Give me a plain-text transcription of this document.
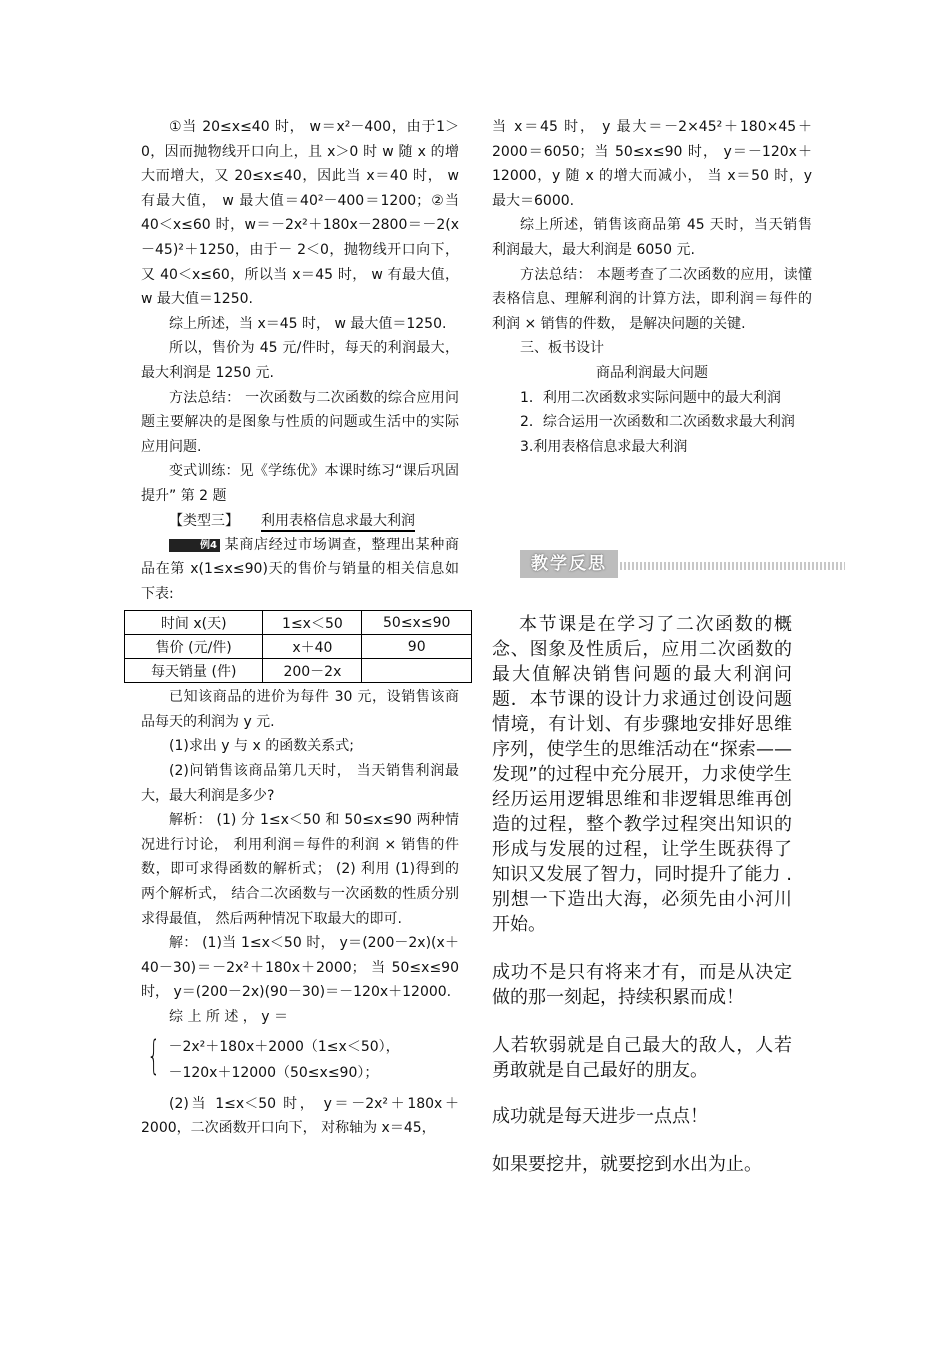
①当 20≤x≤40 时， w＝x²－400，由于1＞0，因而抛物线开口向上，且 x＞0 时 w 随 x 的增大而增大，又 20≤x≤40，因此当 x＝40 时， w 有最大值， w 最大值＝40²－400＝1200；②当 40＜x≤60 时，w＝－2x²＋180x－2800＝－2(x－45)²＋1250，由于－ 2＜0，抛物线开口向下，又 40＜x≤60，所以当 x＝45 时， w 有最大值， w 最大值＝1250.

综上所述，当 x＝45 时， w 最大值＝1250.

所以，售价为 45 元/件时，每天的利润最大，最大利润是 1250 元.

方法总结： 一次函数与二次函数的综合应用问题主要解决的是图象与性质的问题或生活中的实际应用问题.

变式训练：见《学练优》本课时练习“课后巩固提升” 第 2 题

【类型三】 利用表格信息求最大利润

例4 某商店经过市场调查，整理出某种商品在第 x(1≤x≤90)天的售价与销量的相关信息如下表:

时间 x(天)	1≤x＜50	50≤x≤90
售价 (元/件)	x＋40	90
每天销量 (件)	200－2x	

已知该商品的进价为每件 30 元，设销售该商品每天的利润为 y 元.

(1)求出 y 与 x 的函数关系式;

(2)问销售该商品第几天时， 当天销售利润最大，最大利润是多少?

解析： (1) 分 1≤x＜50 和 50≤x≤90 两种情况进行讨论， 利用利润＝每件的利润 × 销售的件数，即可求得函数的解析式； (2) 利用 (1)得到的两个解析式， 结合二次函数与一次函数的性质分别求得最值， 然后两种情况下取最大的即可.

解： (1)当 1≤x＜50 时， y＝(200－2x)(x＋40－30)＝－2x²＋180x＋2000； 当 50≤x≤90 时， y＝(200－2x)(90－30)＝－120x＋12000.

综 上 所 述 ， y ＝

{ －2x²＋180x＋2000（1≤x＜50），

－120x＋12000（50≤x≤90）；

(2)当 1≤x＜50 时， y＝－2x²＋180x＋2000，二次函数开口向下， 对称轴为 x＝45，

当 x＝45 时， y 最大＝－2×45²＋180×45＋2000＝6050；当 50≤x≤90 时， y＝－120x＋12000，y 随 x 的增大而减小， 当 x＝50 时，y 最大＝6000.

综上所述，销售该商品第 45 天时，当天销售利润最大，最大利润是 6050 元.

方法总结： 本题考查了二次函数的应用，读懂表格信息、理解利润的计算方法，即利润＝每件的利润 × 销售的件数， 是解决问题的关键.

三、板书设计

商品利润最大问题

1．利用二次函数求实际问题中的最大利润

2．综合运用一次函数和二次函数求最大利润

3.利用表格信息求最大利润

教学反思

本节课是在学习了二次函数的概念、图象及性质后，应用二次函数的最大值解决销售问题的最大利润问题．本节课的设计力求通过创设问题情境，有计划、有步骤地安排好思维序列，使学生的思维活动在“探索——发现”的过程中充分展开，力求使学生经历运用逻辑思维和非逻辑思维再创造的过程，整个教学过程突出知识的形成与发展的过程，让学生既获得了知识又发展了智力，同时提升了能力 . 别想一下造出大海，必须先由小河川开始。

成功不是只有将来才有，而是从决定做的那一刻起，持续积累而成！

人若软弱就是自己最大的敌人，人若勇敢就是自己最好的朋友。

成功就是每天进步一点点！

如果要挖井，就要挖到水出为止。
